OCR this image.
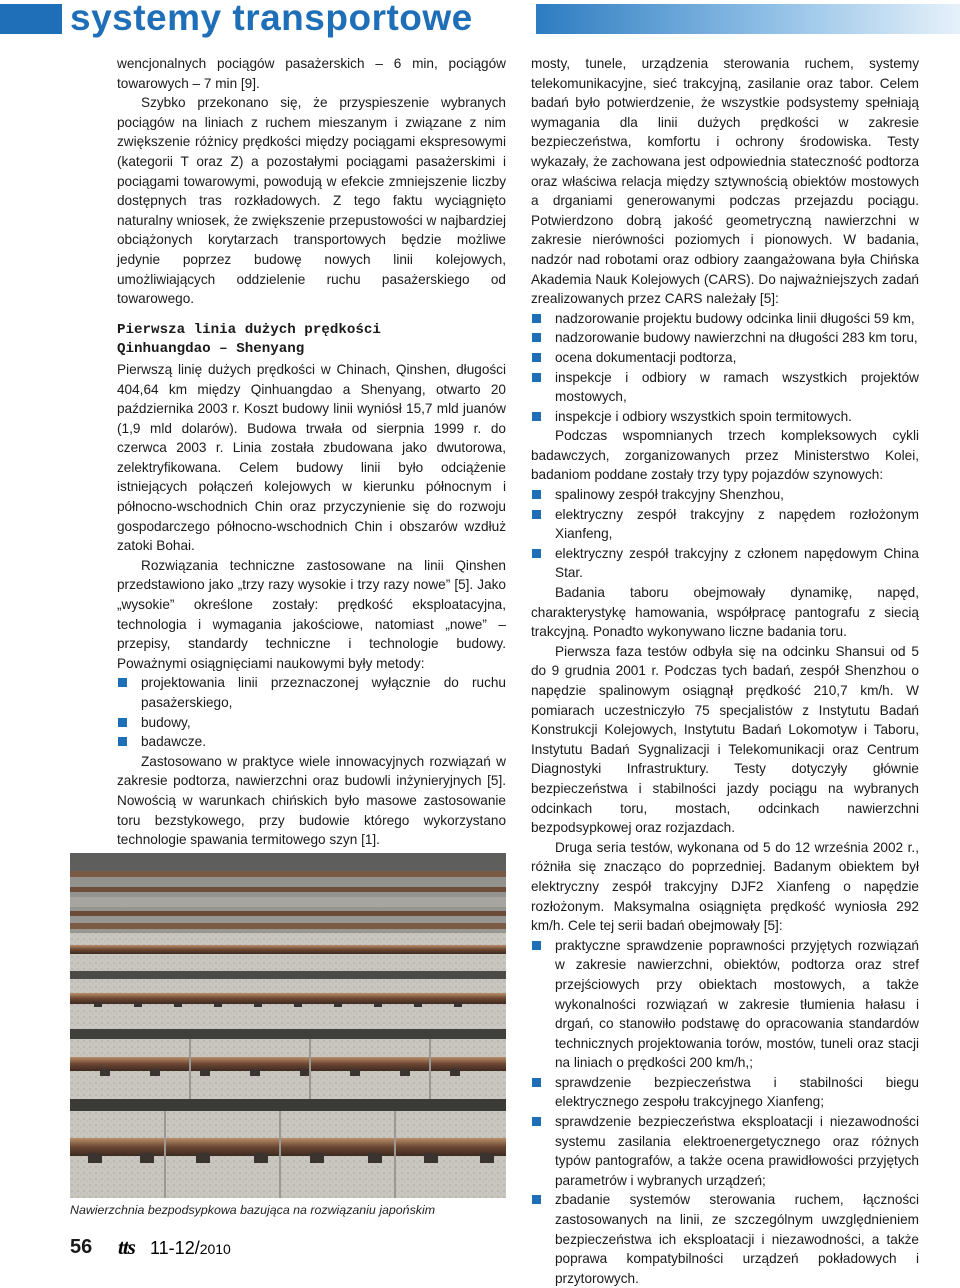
systemy transportowe

wencjonalnych pociągów pasażerskich – 6 min, pociągów towarowych – 7 min [9].

Szybko przekonano się, że przyspieszenie wybranych pociągów na liniach z ruchem mieszanym i związane z nim zwiększenie różnicy prędkości między pociągami ekspresowymi (kategorii T oraz Z) a pozostałymi pociągami pasażerskimi i pociągami towarowymi, powodują w efekcie zmniejszenie liczby dostępnych tras rozkładowych. Z tego faktu wyciągnięto naturalny wniosek, że zwiększenie przepustowości w najbardziej obciążonych korytarzach transportowych będzie możliwe jedynie poprzez budowę nowych linii kolejowych, umożliwiających oddzielenie ruchu pasażerskiego od towarowego.

Pierwsza linia dużych prędkości
Qinhuangdao – Shenyang

Pierwszą linię dużych prędkości w Chinach, Qinshen, długości 404,64 km między Qinhuangdao a Shenyang, otwarto 20 października 2003 r. Koszt budowy linii wyniósł 15,7 mld juanów (1,9 mld dolarów). Budowa trwała od sierpnia 1999 r. do czerwca 2003 r. Linia została zbudowana jako dwutorowa, zelektryfikowana. Celem budowy linii było odciążenie istniejących połączeń kolejowych w kierunku północnym i północno-wschodnich Chin oraz przyczynienie się do rozwoju gospodarczego północno-wschodnich Chin i obszarów wzdłuż zatoki Bohai.

Rozwiązania techniczne zastosowane na linii Qinshen przedstawiono jako „trzy razy wysokie i trzy razy nowe” [5]. Jako „wysokie” określone zostały: prędkość eksploatacyjna, technologia i wymagania jakościowe, natomiast „nowe” – przepisy, standardy techniczne i technologie budowy. Poważnymi osiągnięciami naukowymi były metody:

projektowania linii przeznaczonej wyłącznie do ruchu pasażerskiego,
budowy,
badawcze.

Zastosowano w praktyce wiele innowacyjnych rozwiązań w zakresie podtorza, nawierzchni oraz budowli inżynieryjnych [5]. Nowością w warunkach chińskich było masowe zastosowanie toru bezstykowego, przy budowie którego wykorzystano technologie spawania termitowego szyn [1].

Nawierzchnia bezpodsypkowa bazująca na rozwiązaniu japońskim

mosty, tunele, urządzenia sterowania ruchem, systemy telekomunikacyjne, sieć trakcyjną, zasilanie oraz tabor. Celem badań było potwierdzenie, że wszystkie podsystemy spełniają wymagania dla linii dużych prędkości w zakresie bezpieczeństwa, komfortu i ochrony środowiska. Testy wykazały, że zachowana jest odpowiednia stateczność podtorza oraz właściwa relacja między sztywnością obiektów mostowych a drganiami generowanymi podczas przejazdu pociągu. Potwierdzono dobrą jakość geometryczną nawierzchni w zakresie nierówności poziomych i pionowych. W badania, nadzór nad robotami oraz odbiory zaangażowana była Chińska Akademia Nauk Kolejowych (CARS). Do najważniejszych zadań zrealizowanych przez CARS należały [5]:

nadzorowanie projektu budowy odcinka linii długości 59 km,
nadzorowanie budowy nawierzchni na długości 283 km toru,
ocena dokumentacji podtorza,
inspekcje i odbiory w ramach wszystkich projektów mostowych,
inspekcje i odbiory wszystkich spoin termitowych.

Podczas wspomnianych trzech kompleksowych cykli badawczych, zorganizowanych przez Ministerstwo Kolei, badaniom poddane zostały trzy typy pojazdów szynowych:

spalinowy zespół trakcyjny Shenzhou,
elektryczny zespół trakcyjny z napędem rozłożonym Xianfeng,
elektryczny zespół trakcyjny z członem napędowym China Star.

Badania taboru obejmowały dynamikę, napęd, charakterystykę hamowania, współpracę pantografu z siecią trakcyjną. Ponadto wykonywano liczne badania toru.

Pierwsza faza testów odbyła się na odcinku Shansui od 5 do 9 grudnia 2001 r. Podczas tych badań, zespół Shenzhou o napędzie spalinowym osiągnął prędkość 210,7 km/h. W pomiarach uczestniczyło 75 specjalistów z Instytutu Badań Konstrukcji Kolejowych, Instytutu Badań Lokomotyw i Taboru, Instytutu Badań Sygnalizacji i Telekomunikacji oraz Centrum Diagnostyki Infrastruktury. Testy dotyczyły głównie bezpieczeństwa i stabilności jazdy pociągu na wybranych odcinkach toru, mostach, odcinkach nawierzchni bezpodsypkowej oraz rozjazdach.

Druga seria testów, wykonana od 5 do 12 września 2002 r., różniła się znacząco do poprzedniej. Badanym obiektem był elektryczny zespół trakcyjny DJF2 Xianfeng o napędzie rozłożonym. Maksymalna osiągnięta prędkość wyniosła 292 km/h. Cele tej serii badań obejmowały [5]:

praktyczne sprawdzenie poprawności przyjętych rozwiązań w zakresie nawierzchni, obiektów, podtorza oraz stref przejściowych przy obiektach mostowych, a także wykonalności rozwiązań w zakresie tłumienia hałasu i drgań, co stanowiło podstawę do opracowania standardów technicznych projektowania torów, mostów, tuneli oraz stacji na liniach o prędkości 200 km/h,;
sprawdzenie bezpieczeństwa i stabilności biegu elektrycznego zespołu trakcyjnego Xianfeng;
sprawdzenie bezpieczeństwa eksploatacji i niezawodności systemu zasilania elektroenergetycznego oraz różnych typów pantografów, a także ocena prawidłowości przyjętych parametrów i wybranych urządzeń;
zbadanie systemów sterowania ruchem, łączności zastosowanych na linii, ze szczególnym uwzględnieniem bezpieczeństwa ich eksploatacji i niezawodności, a także poprawa kompatybilności urządzeń pokładowych i przytorowych.
56 tts 11-12/2010
